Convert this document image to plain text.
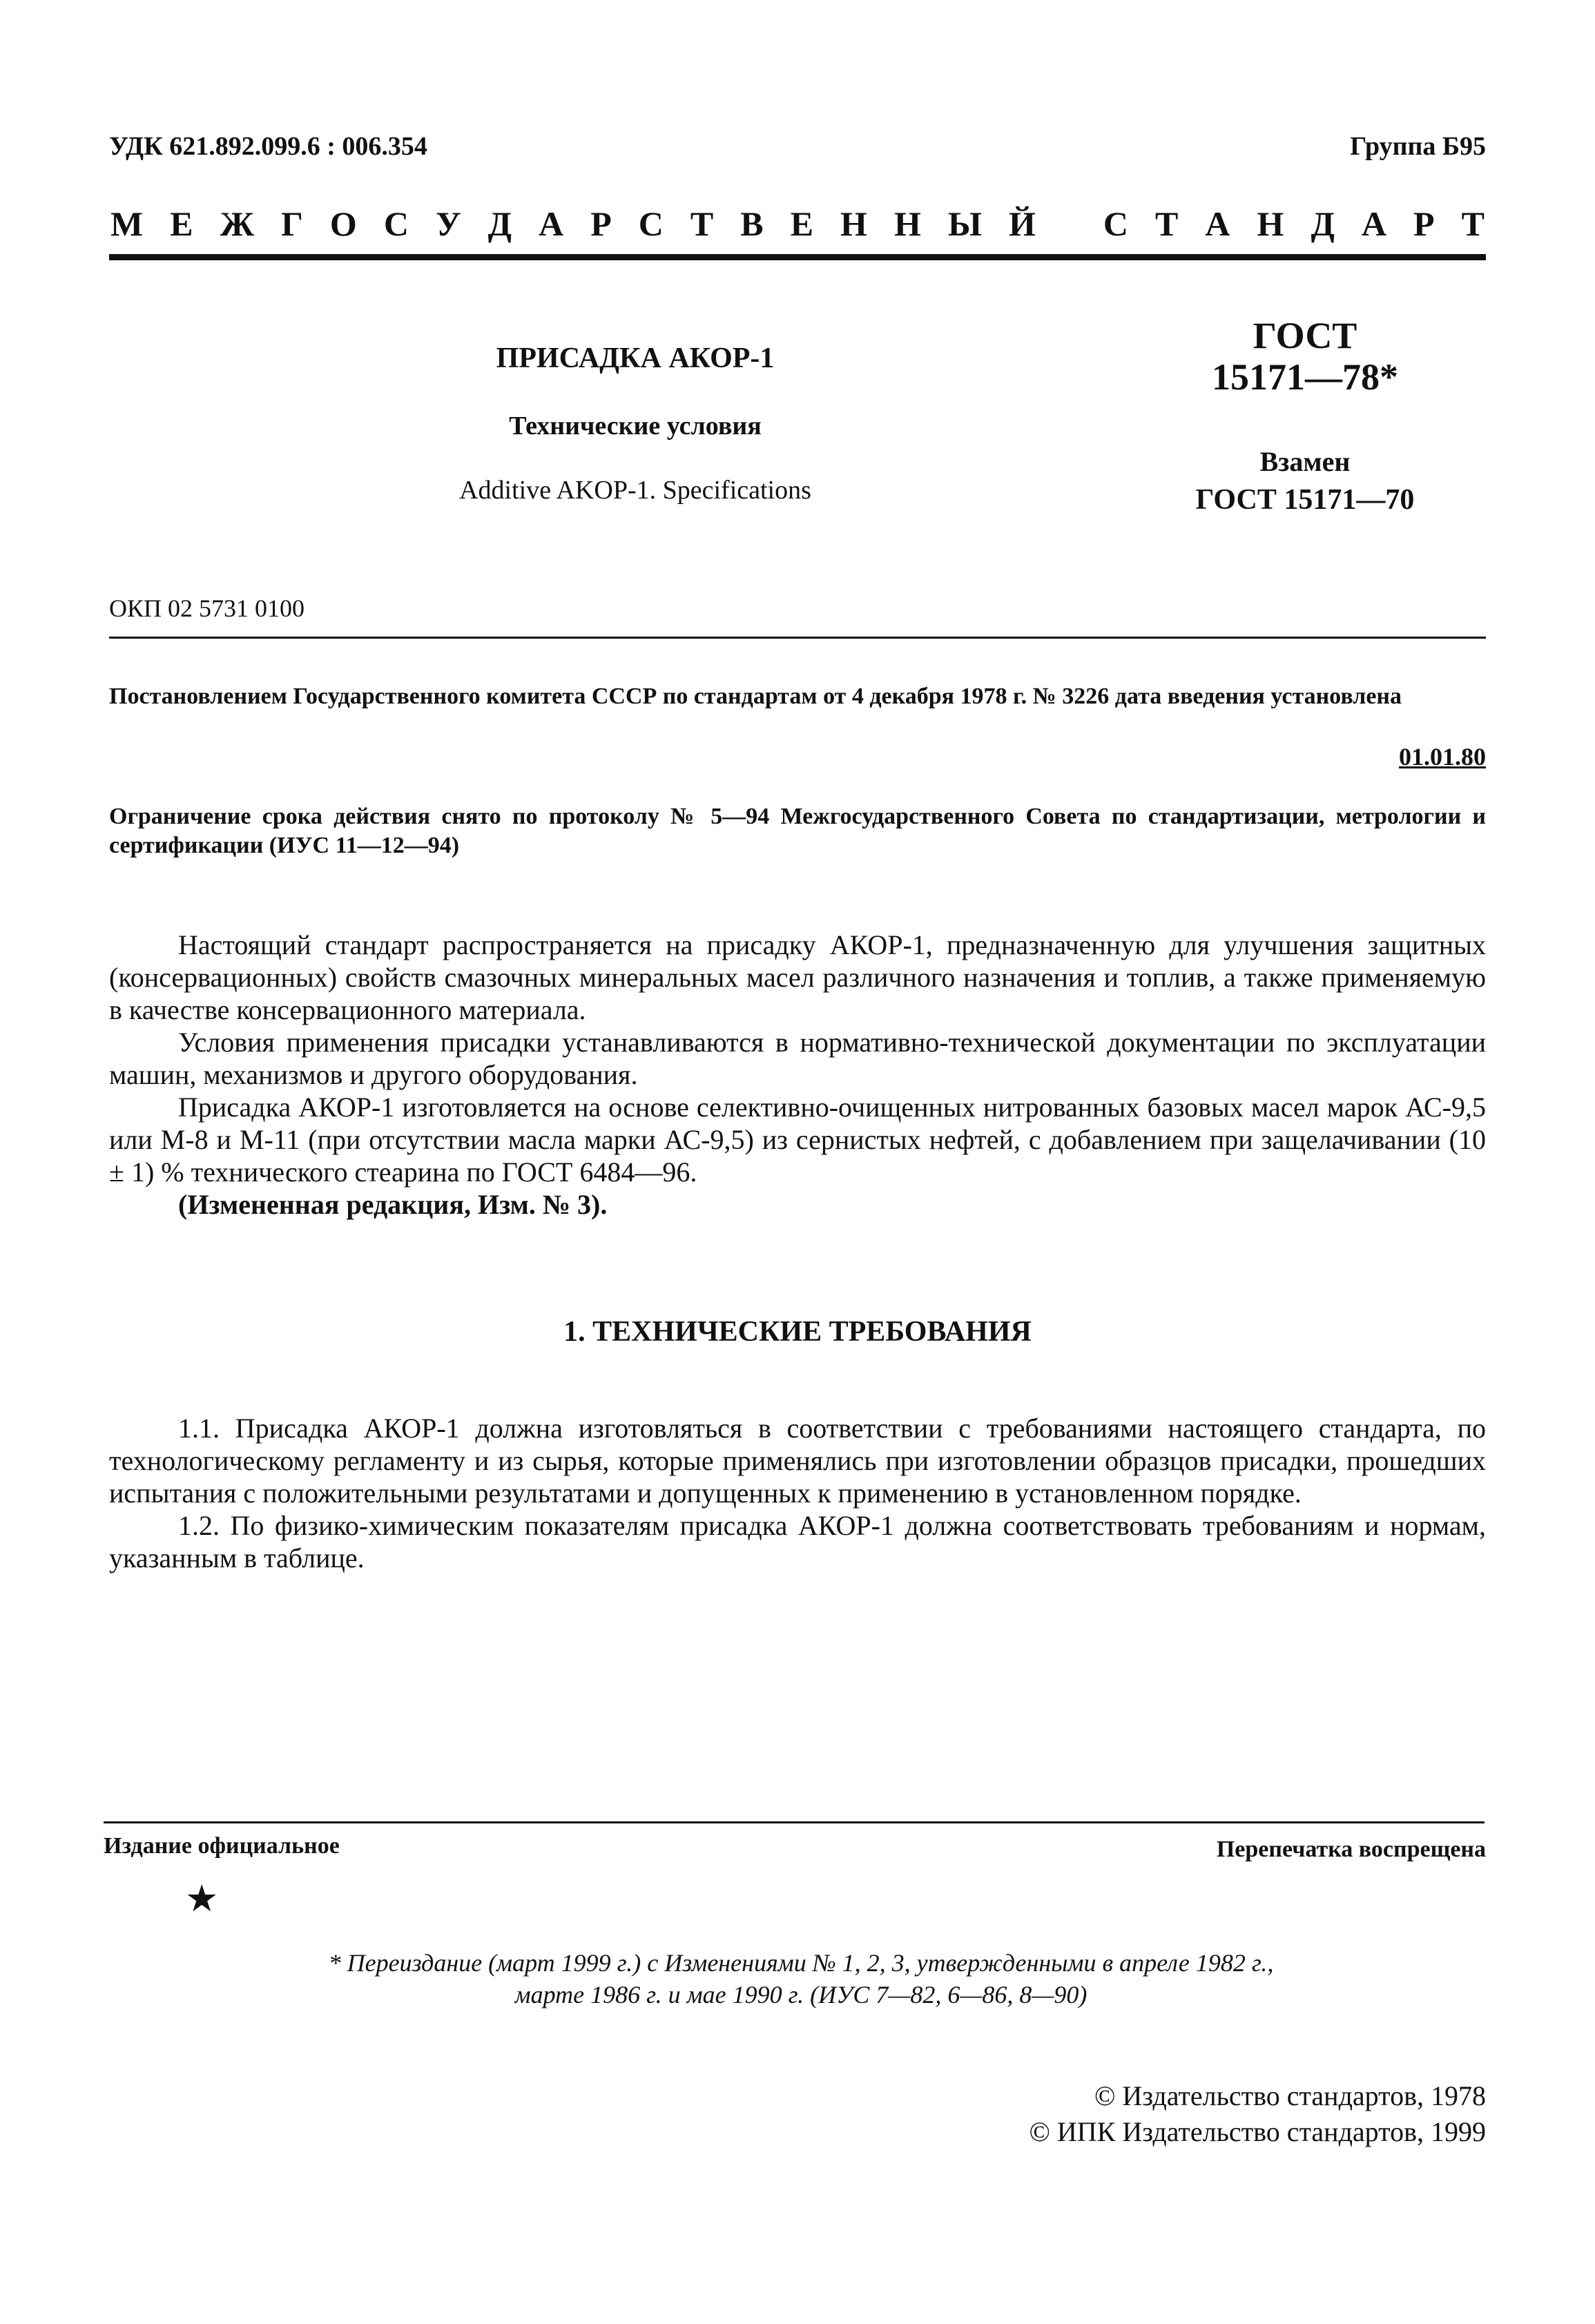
УДК 621.892.099.6 : 006.354	Группа Б95
М Е Ж Г О С У Д А Р С Т В Е Н Н Ы Й С Т А Н Д А Р Т
ПРИСАДКА АКОР-1
Технические условия
Additive AKOP-1. Specifications
ГОСТ
15171—78*
Взамен
ГОСТ 15171—70
ОКП 02 5731 0100
Постановлением Государственного комитета СССР по стандартам от 4 декабря 1978 г. № 3226 дата введения установлена
01.01.80
Ограничение срока действия снято по протоколу № 5—94 Межгосударственного Совета по стандартизации, метрологии и сертификации (ИУС 11—12—94)

Настоящий стандарт распространяется на присадку АКОР-1, предназначенную для улучшения защитных (консервационных) свойств смазочных минеральных масел различного назначения и топлив, а также применяемую в качестве консервационного материала.

Условия применения присадки устанавливаются в нормативно-технической документации по эксплуатации машин, механизмов и другого оборудования.

Присадка АКОР-1 изготовляется на основе селективно-очищенных нитрованных базовых масел марок АС-9,5 или М-8 и М-11 (при отсутствии масла марки АС-9,5) из сернистых нефтей, с добавлением при защелачивании (10 ± 1) % технического стеарина по ГОСТ 6484—96.

(Измененная редакция, Изм. № 3).

1. ТЕХНИЧЕСКИЕ ТРЕБОВАНИЯ

1.1. Присадка АКОР-1 должна изготовляться в соответствии с требованиями настоящего стандарта, по технологическому регламенту и из сырья, которые применялись при изготовлении образцов присадки, прошедших испытания с положительными результатами и допущенных к применению в установленном порядке.

1.2. По физико-химическим показателям присадка АКОР-1 должна соответствовать требованиям и нормам, указанным в таблице.

Издание официальное	Перепечатка воспрещена
★
* Переиздание (март 1999 г.) с Изменениями № 1, 2, 3, утвержденными в апреле 1982 г.,
марте 1986 г. и мае 1990 г. (ИУС 7—82, 6—86, 8—90)
© Издательство стандартов, 1978
© ИПК Издательство стандартов, 1999
